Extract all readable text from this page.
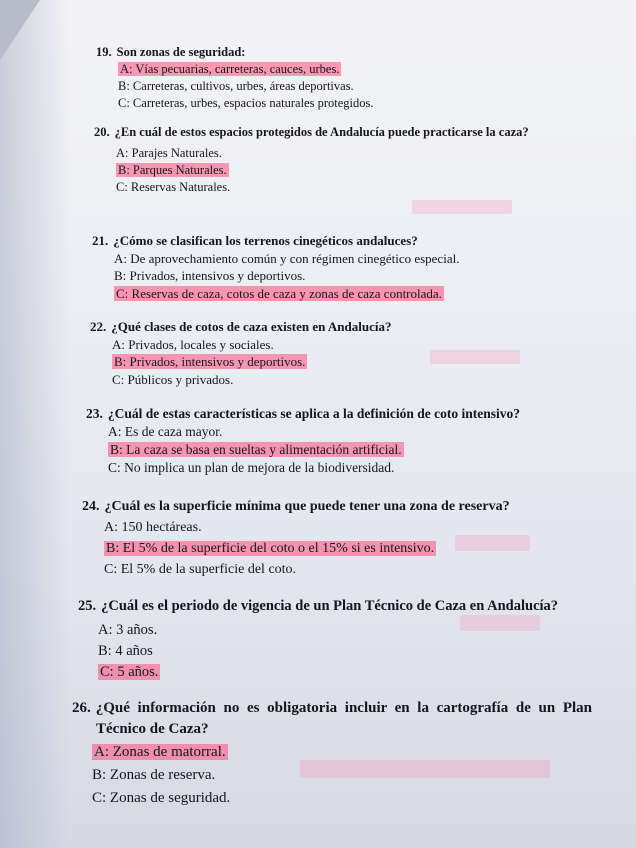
19. Son zonas de seguridad:
A: Vías pecuarias, carreteras, cauces, urbes.
B: Carreteras, cultivos, urbes, áreas deportivas.
C: Carreteras, urbes, espacios naturales protegidos.
20. ¿En cuál de estos espacios protegidos de Andalucía puede practicarse la caza?
A: Parajes Naturales.
B: Parques Naturales.
C: Reservas Naturales.
21. ¿Cómo se clasifican los terrenos cinegéticos andaluces?
A: De aprovechamiento común y con régimen cinegético especial.
B: Privados, intensivos y deportivos.
C: Reservas de caza, cotos de caza y zonas de caza controlada.
22. ¿Qué clases de cotos de caza existen en Andalucía?
A: Privados, locales y sociales.
B: Privados, intensivos y deportivos.
C: Públicos y privados.
23. ¿Cuál de estas características se aplica a la definición de coto intensivo?
A: Es de caza mayor.
B: La caza se basa en sueltas y alimentación artificial.
C: No implica un plan de mejora de la biodiversidad.
24. ¿Cuál es la superficie mínima que puede tener una zona de reserva?
A: 150 hectáreas.
B: El 5% de la superficie del coto o el 15% si es intensivo.
C: El 5% de la superficie del coto.
25. ¿Cuál es el periodo de vigencia de un Plan Técnico de Caza en Andalucía?
A: 3 años.
B: 4 años
C: 5 años.
26. ¿Qué información no es obligatoria incluir en la cartografía de un Plan Técnico de Caza?
A: Zonas de matorral.
B: Zonas de reserva.
C: Zonas de seguridad.
